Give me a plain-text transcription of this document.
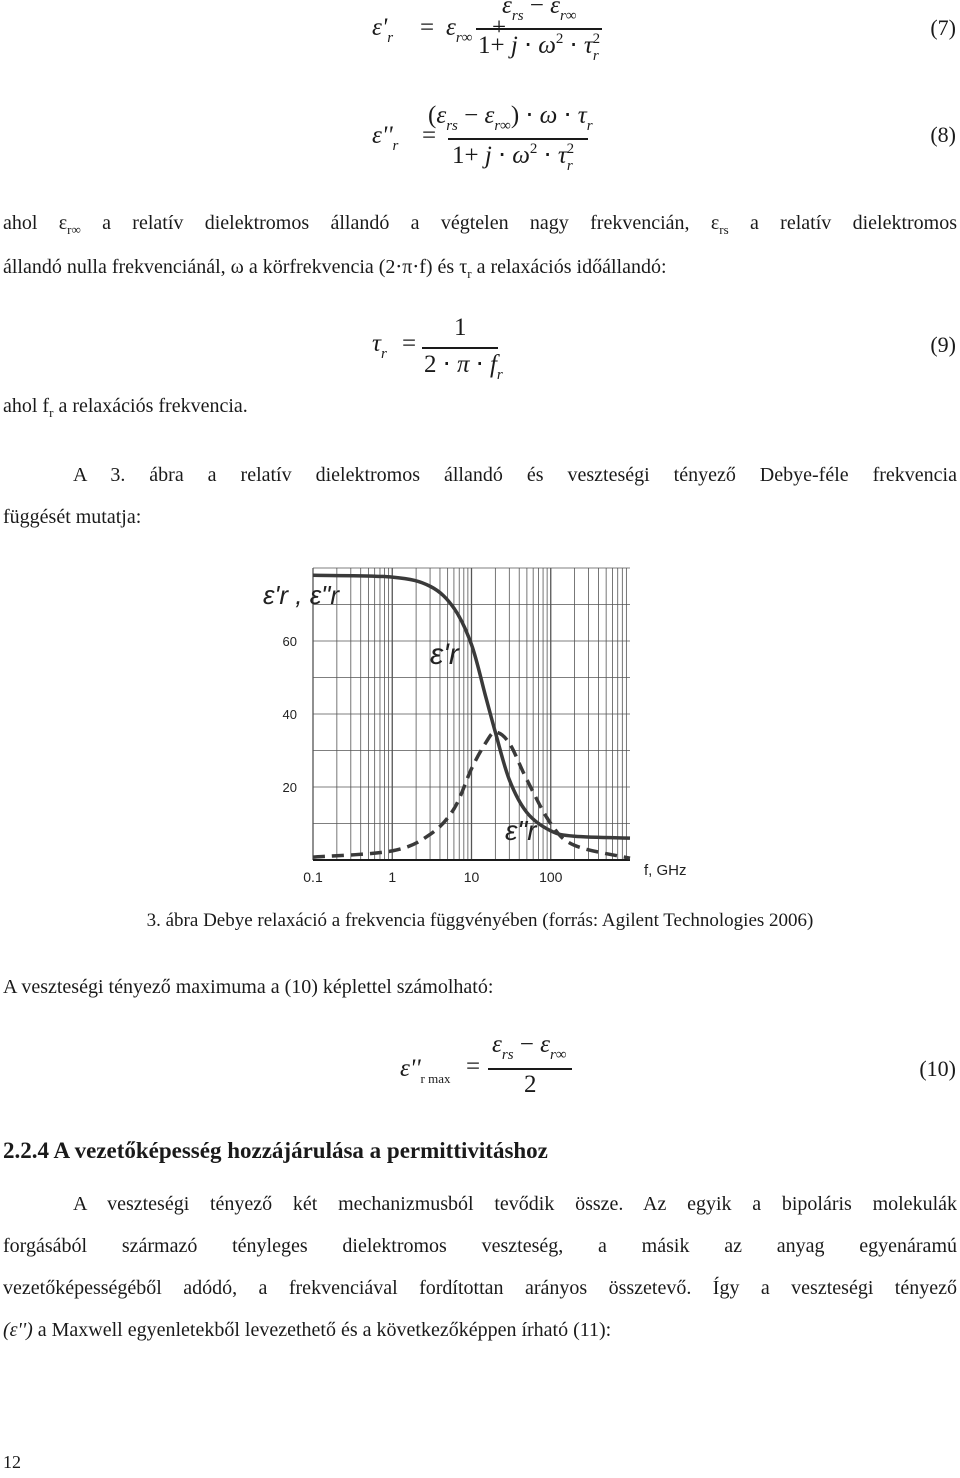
$\varepsilon'_r = \varepsilon_{r\infty}$
$\varepsilon_{rs} - \varepsilon_{r\infty}$
$1+ j \cdot \omega^2 \cdot \tau_r^2$	(7)
$\varepsilon''_r$ =
$(\varepsilon_{rs} - \varepsilon_{r\infty}) \cdot \omega \cdot \tau_r$
$1+ j \cdot \omega^2 \cdot \tau_r^2$
(8)
ahol $\varepsilon_{r\infty}$ a relatív dielektromos állandó a végtelen nagy frekvencián, $\varepsilon_{rs}$ a relatív dielektromos
állandó nulla frekvenciánál, ω a körfrekvencia (2⋅π⋅f) és $\tau_r$ a relaxációs időállandó:
$\tau_r$ =
1
$2 \cdot \pi \cdot f_r$
(9)
ahol $f_r$ a relaxációs frekvencia.
A 3. ábra a relatív dielektromos állandó és veszteségi tényező Debye-féle frekvencia
függését mutatja:
20
40
60
0.1	1	10	100	f, GHz
ε'r , ε"r
ε'r
ε"r
3. ábra Debye relaxáció a frekvencia függvényében (forrás: Agilent Technologies 2006)
A veszteségi tényező maximuma a (10) képlettel számolható:
$\varepsilon''_{r max}$ =
$\varepsilon_{rs} - \varepsilon_{r\infty}$
2
(10)
2.2.4 A vezetőképesség hozzájárulása a permittivitáshoz
A veszteségi tényező két mechanizmusból tevődik össze. Az egyik a bipoláris molekulák
forgásából származó tényleges dielektromos veszteség, a másik az anyag egyenáramú
vezetőképességéből adódó, a frekvenciával fordítottan arányos összetevő. Így a veszteségi tényező
(ε'') a Maxwell egyenletekből levezethető és a következőképpen írható (11):
12
